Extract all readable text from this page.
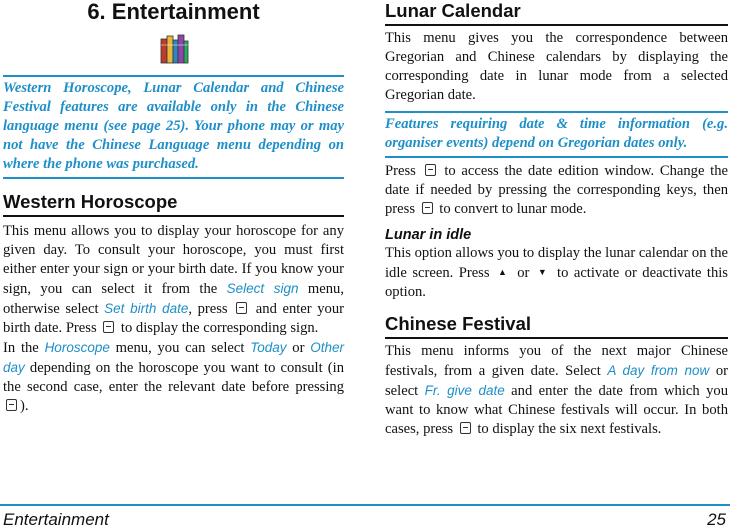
6. Entertainment

Western Horoscope, Lunar Calendar and Chinese Festival features are available only in the Chinese language menu (see page 25). Your phone may or may not have the Chinese Language menu depending on where the phone was purchased.

Western Horoscope

This menu allows you to display your horoscope for any given day. To consult your horoscope, you must first either enter your sign or your birth date. If you know your sign, you can select it from the Select sign menu, otherwise select Set birth date, press  and enter your birth date. Press  to display the corresponding sign.

In the Horoscope menu, you can select Today or Other day depending on the horoscope you want to consult (in the second case, enter the relevant date before pressing ).

Lunar Calendar

This menu gives you the correspondence between Gregorian and Chinese calendars by displaying the corresponding date in lunar mode from a selected Gregorian date.

Features requiring date & time information (e.g. organiser events) depend on Gregorian dates only.

Press  to access the date edition window. Change the date if needed by pressing the corresponding keys, then press  to convert to lunar mode.

Lunar in idle

This option allows you to display the lunar calendar on the idle screen. Press ▲ or ▼ to activate or deactivate this option.

Chinese Festival

This menu informs you of the next major Chinese festivals, from a given date. Select A day from now or select Fr. give date and enter the date from which you want to know what Chinese festivals will occur. In both cases, press  to display the six next festivals.

Entertainment	25
